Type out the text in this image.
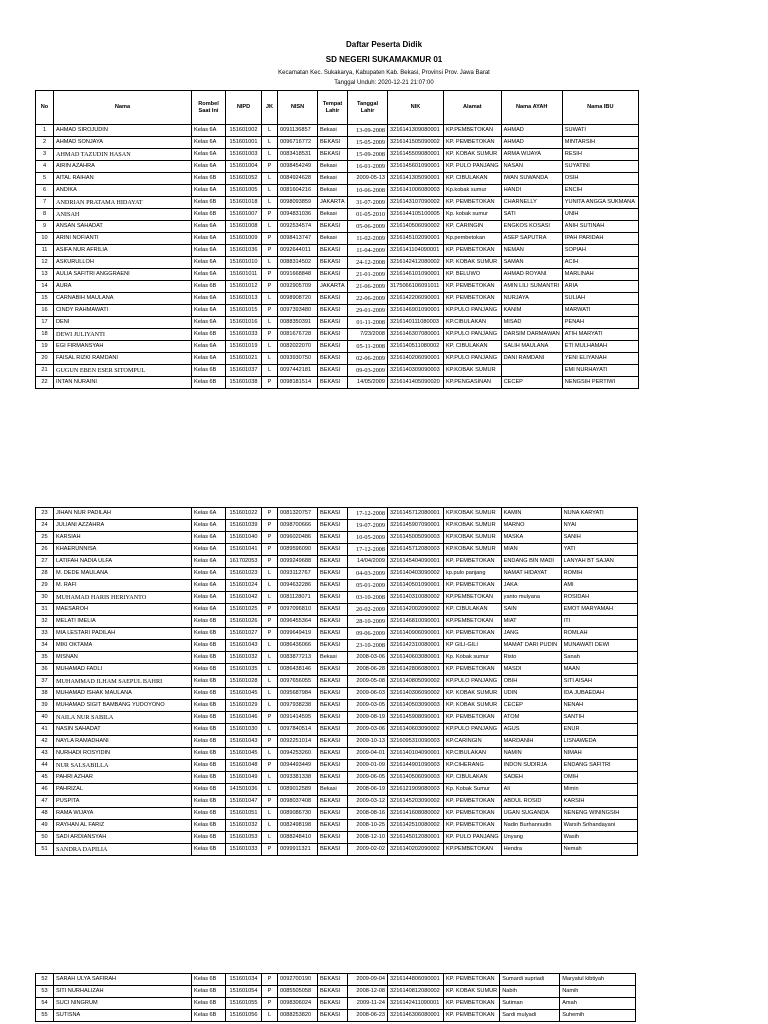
Daftar Peserta Didik
SD NEGERI SUKAMAKMUR 01
Kecamatan Kec. Sukakarya, Kabupaten Kab. Bekasi, Provinsi Prov. Jawa Barat
Tanggal Unduh: 2020-12-21 21:07:00
No	Nama	Rombel Saat Ini	NIPD	JK	NISN	Tempat Lahir	Tanggal Lahir	NIK	Alamat	Nama AYAH	Nama IBU
1	AHMAD SIROJUDIN	Kelas 6A	151601002	L	0091136857	Bekasi	13-09-2008	3216141309080001	KP.PEMBETOKAN	AHMAD	SUWATI
2	AHMAD SONJAYA	Kelas 6A	151601001	L	0096716772	BEKASI	15-05-2009	3216141505090002	KP. PEMBETOKAN	AHMAD	MINTARSIH
3	AHMAD TAZUDIN HASAN	Kelas 6A	151601003	L	0083418531	BEKASI	15-09-2008	3216145509080001	KP. KOBAK SUMUR	ARMA WIJAYA	RESIH
4	AIRIN AZAHRA	Kelas 6A	151601004	P	0098454249	Bekasi	16-01-2009	3216145601090001	KP. PULO PANJANG	NASAN	SUYATINI
5	AITAL RAIHAN	Kelas 6B	151601052	L	0084924628	Bekasi	2009-05-13	3216141305090001	KP. CIBULAKAN	IWAN SUWANDA	OSIH
6	ANDIKA	Kelas 6A	151601005	L	0081604216	Bekasi	10-06-2008	3216141006080003	Kp.kobak sumur	HANDI	ENCIH
7	ANDRIAN PRATAMA HIDAYAT	Kelas 6B	151601018	L	0098093859	JAKARTA	31-07-2009	3216143107090002	KP. PEMBETOKAN	CHARNELLY	YUNITA ANGGA SUKMANA
8	ANISAH	Kelas 6B	151601007	P	0094831036	Bekasi	01-05-2010	3216144105100005	Kp. kobak sumur	SATI	UNIH
9	ANSAN SAHADAT	Kelas 6A	151601008	L	0092534574	BEKASI	05-06-2009	3216140506090002	KP. CARINGIN	ENGKOS KOSASI	ANIH SUTINAH
10	ARINI NOFIANTI	Kelas 6A	151601009	P	0098413747	Bekasi	11-02-2009	3216145102090001	Kp.pembetokan	ASEP SAPUTRA	IPAH PARIDAH
11	ASIFA NUR AFRILIA	Kelas 6A	151601036	P	0092644011	BEKASI	11-04-2009	3216141104090001	KP. PEMBETOKAN	NEMAN	SOPIAH
12	ASKURULLOH	Kelas 6A	151601010	L	0088314502	BEKASI	24-12-2008	3216142412080002	KP. KOBAK SUMUR	SAMAN	ACIH
13	AULIA SAFITRI ANGGRAENI	Kelas 6A	151601011	P	0091668848	BEKASI	21-01-2009	3216146101090001	KP. BELUWO	AHMAD ROYANI	MARLINAH
14	AURA	Kelas 6B	151601012	P	0092905709	JAKARTA	21-06-2009	3175066106091011	KP. PEMBETOKAN	AMIN LILI SUMANTRI	ARIA
15	CARNABIH MAULANA	Kelas 6A	151601013	L	0098908720	BEKASI	22-06-2009	3216142206090001	KP. PEMBETOKAN	NURJAYA	SULIAH
16	CINDY RAHMAWATI	Kelas 6A	151601015	P	0097393480	BEKASI	29-01-2009	3216146901090001	KP.PULO PANJANG	KANIM	MARWATI
17	DENI	Kelas 6A	151601016	L	0088350391	BEKASI	01-11-2008	3216140111080003	KP.CIBULAKAN	MISAD	PENAH
18	DEWI JULIYANTI	Kelas 6B	151601033	P	0081676728	BEKASI	7/23/2008	3216146307080001	KP.PULO PANJANG	DARSIM DARMAWAN	ATIH MARYATI
19	EGI FIRMANSYAH	Kelas 6A	151601019	L	0082022070	BEKASI	05-11-2008	3216140511080002	KP. CIBULAKAN	SALIH MAULANA	ETI MULHAMAH
20	FAISAL RIZKI RAMDANI	Kelas 6A	151601021	L	0093930750	BEKASI	02-06-2009	3216140206090001	KP.PULO PANJANG	DANI RAMDANI	YENI ELIYANAH
21	GUGUN EBEN ESER SITOMPUL	Kelas 6B	151601037	L	0097442181	BEKASI	09-03-2009	3216140309090003	KP.KOBAK SUMUR		EMI NURHAYATI
22	INTAN NURAINI	Kelas 6B	151601038	P	0098181514	BEKASI	14/05/2009	3216141405090020	KP.PENGASINAN	CECEP	NENGSIH PERTIWI
23	JIHAN NUR PADILAH	Kelas 6A	151601022	P	0081320757	BEKASI	17-12-2008	3216145712080001	KP.KOBAK SUMUR	KAMIN	NUNA KARYATI
24	JULIANI AZZAHRA	Kelas 6A	151601039	P	0098700666	BEKASI	19-07-2009	3216145907090001	KP.KOBAK SUMUR	MARNO	NYAI
25	KARSIAH	Kelas 6A	151601040	P	0096020486	BEKASI	10-05-2009	3216145005090003	KP.KOBAK SUMUR	MASKA	SANIH
26	KHAERUNNISA	Kelas 6A	151601041	P	0089596090	BEKASI	17-12-2008	3216145712080003	KP.KOBAK SUMUR	MIAN	YATI
27	LATIFAH NADIA ULFA	Kelas 6A	161702053	P	0099249688	BEKASI	14/04/2009	3216145404090001	KP. PEMBETOKAN	ENDANG BIN MADI	LANYAH BT SAJAN
28	M. DEDE MAULANA	Kelas 6A	151601023	L	0093112767	BEKASI	04-03-2009	3216140403090002	kp.pulo panjang	NAMAT HIDAYAT	ROMIH
29	M. RAFI	Kelas 6A	151601024	L	0094632286	BEKASI	05-01-2009	3216140501090001	KP. PEMBETOKAN	JAKA	AMI
30	MUHAMAD HARIS HERIYANTO	Kelas 6A	151601042	L	0081128071	BEKASI	03-10-2008	3216140310080002	KP.PEMBETOKAN	yanto mulyana	ROSIDAH
31	MAESAROH	Kelas 6A	151601025	P	0097096810	BEKASI	20-02-2009	3216142002090002	KP. CIBULAKAN	SAIN	EMOT MARYAMAH
32	MELATI IMELIA	Kelas 6B	151601026	P	0096455364	BEKASI	28-10-2009	3216146810090001	KP.PEMBETOKAN	MIAT	ITI
33	MIA LESTARI PADILAH	Kelas 6B	151601027	P	0099649419	BEKASI	09-06-2009	3216140906090001	KP. PEMBETOKAN	JANG	ROMLAH
34	MIKI OKTAMA	Kelas 6B	151601043	L	0086436066	BEKASI	23-10-2008	3216142310080001	KP GILI-GILI	MAMAT DARI PUDIN	MUNAWATI DEWI
35	MISNAN	Kelas 6B	151601032	L	0083877213	Bekasi	2008-03-06	3216140603080001	Kp. Kobak sumur	Risto	Sanah
36	MUHAMAD FADLI	Kelas 6B	151601035	L	0086438146	BEKASI	2008-06-28	3216142806080001	KP. PEMBETOKAN	MASDI	MAAN
37	MUHAMMAD ILHAM SAEPUL BAHRI	Kelas 6B	151601028	L	0097656055	BEKASI	2009-05-08	3216140805090002	KP.PULO PANJANG	OBIH	SITI AISAH
38	MUHAMAD ISHAK MAULANA	Kelas 6B	151601045	L	0095687984	BEKASI	2009-06-03	3216140306090002	KP. KOBAK SUMUR	UDIN	IDA JUBAEDAH
39	MUHAMAD SIGIT BAMBANG YUDOYONO	Kelas 6B	151601029	L	0097938238	BEKASI	2009-03-05	3216140503090003	KP. KOBAK SUMUR	CECEP	NENAH
40	NAILA NUR SABILA	Kelas 6B	151601046	P	0091414595	BEKASI	2009-08-19	3216145908090001	KP. PEMBETOKAN	ATOM	SANTIH
41	NASIN SAHADAT	Kelas 6B	151601030	L	0097840514	BEKASI	2009-03-06	3216140603090002	KP.PULO PANJANG	AGUS	ENUR
42	NAYLA RAMADHANI	Kelas 6B	151601043	P	0092251014	BEKASI	2009-10-13	3216095310090003	KP.CARINGIN	MARDANIH	LISNAWEDA
43	NURHADI ROSYIDIN	Kelas 6B	151601045	L	0094253260	BEKASI	2009-04-01	3216140104090001	KP.CIBULAKAN	NAMIN	NIMAH
44	NUR SALSABILLA	Kelas 6B	151601048	P	0094493449	BEKASI	2009-01-09	3216144901090003	KP.CIHERANG	INDON SUDIRJA	ENDANG SAFITRI
45	PAHRI AZHAR	Kelas 6B	151601049	L	0093381338	BEKASI	2009-06-05	3216140506090003	KP. CIBULAKAN	SADEH	OMIH
46	PAHRIZAL	Kelas 6B	141501036	L	0089012589	Bekasi	2008-06-19	3216121909080003	Kp. Kobak Sumur	Ali	Mimin
47	PUSPITA	Kelas 6B	151601047	P	0098037408	BEKASI	2009-03-12	3216145203090002	KP. PEMBETOKAN	ABDUL ROSID	KARSIH
48	RAMA WIJAYA	Kelas 6B	151601051	L	0089086730	BEKASI	2008-08-16	3216141608080002	KP. PEMBETOKAN	UGAN SUGANDA	NENENG WININGSIH
49	RAYHAN AL FARIZ	Kelas 6B	151601032	L	0082498198	BEKASI	2008-10-25	3216142510080002	KP. PEMBETOKAN	Nadin Burhannudin	Warsih Srihandayani
50	SADI ARDIANSYAH	Kelas 6B	151601053	L	0088248410	BEKASI	2008-12-10	3216145012080001	KP. PULO PANJANG	Unyang	Wasih
51	SANDRA DAPILIA	Kelas 6B	151601033	P	0099911321	BEKASI	2009-02-02	3216140202090002	KP.PEMBETOKAN	Hendra	Nemah
52	SARAH ULYA SAFIRAH	Kelas 6B	151601034	P	0092700190	BEKASI	2009-09-04	3216144806090001	KP. PEMBETOKAN	Sumardi supriadi	Maryatul kibtiyah
53	SITI NURHALIZAH	Kelas 6B	151601054	P	0085505058	BEKASI	2008-12-08	3216140812080002	KP. KOBAK SUMUR	Nabih	Namih
54	SUCI NINGRUM	Kelas 6B	151601055	P	0098306024	BEKASI	2009-11-24	3216142411090001	KP. PEMBETOKAN	Sutiman	Amah
55	SUTISNA	Kelas 6B	151601056	L	0088253820	BEKASI	2008-06-23	3216146306080001	KP. PEMBETOKAN	Sardi mulyadi	Suhemih
